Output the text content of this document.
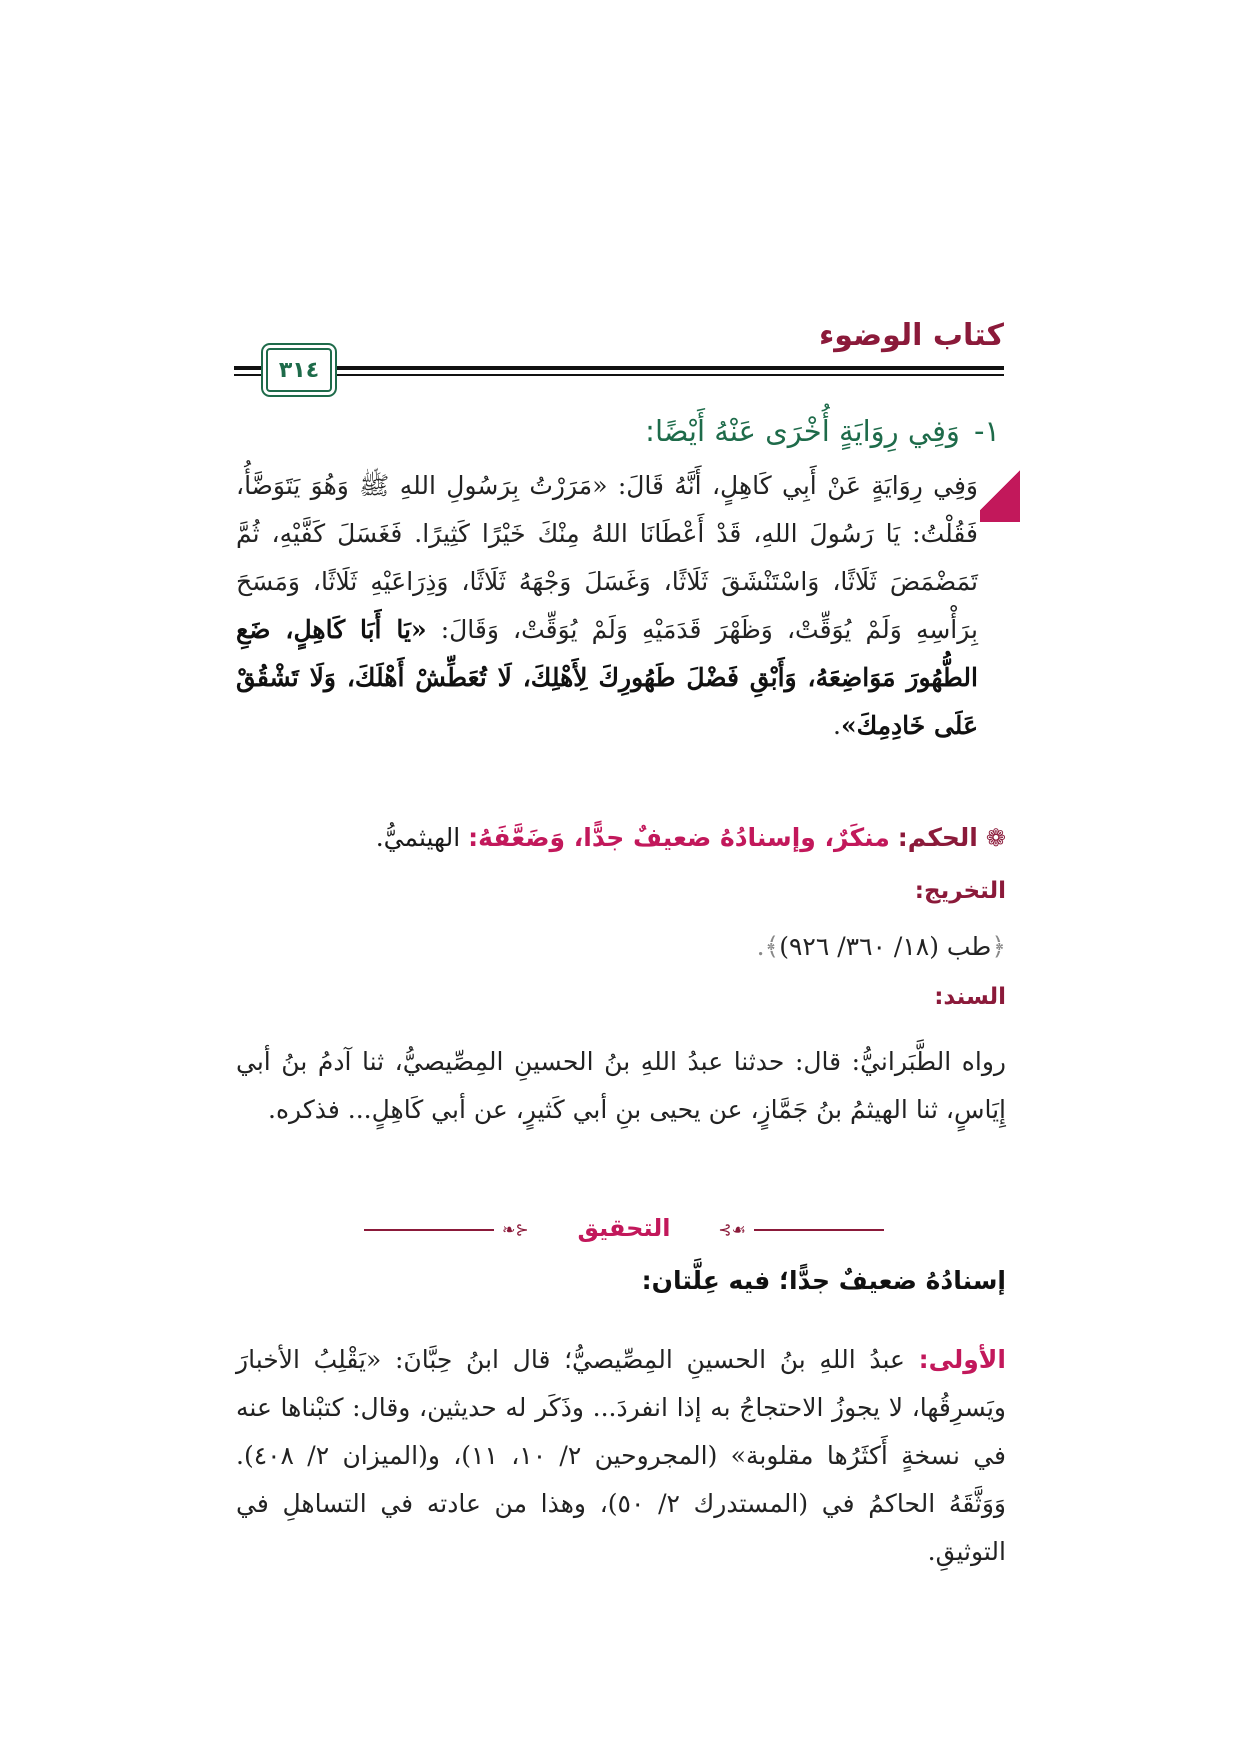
كتاب الوضوء
٣١٤
١-وَفِي رِوَايَةٍ أُخْرَى عَنْهُ أَيْضًا:
وَفِي رِوَايَةٍ عَنْ أَبِي كَاهِلٍ، أَنَّهُ قَالَ: «مَرَرْتُ بِرَسُولِ اللهِ ﷺ وَهُوَ يَتَوَضَّأُ، فَقُلْتُ: يَا رَسُولَ اللهِ، قَدْ أَعْطَانَا اللهُ مِنْكَ خَيْرًا كَثِيرًا. فَغَسَلَ كَفَّيْهِ، ثُمَّ تَمَضْمَضَ ثَلَاثًا، وَاسْتَنْشَقَ ثَلَاثًا، وَغَسَلَ وَجْهَهُ ثَلَاثًا، وَذِرَاعَيْهِ ثَلَاثًا، وَمَسَحَ بِرَأْسِهِ وَلَمْ يُوَقِّتْ، وَظَهْرَ قَدَمَيْهِ وَلَمْ يُوَقِّتْ، وَقَالَ: «يَا أَبَا كَاهِلٍ، ضَعِ الطُّهُورَ مَوَاضِعَهُ، وَأَبْقِ فَضْلَ طَهُورِكَ لِأَهْلِكَ، لَا تُعَطِّشْ أَهْلَكَ، وَلَا تَشْقُقْ عَلَى خَادِمِكَ».
❁الحكم: منكَرٌ، وإسنادُهُ ضعيفٌ جدًّا، وَضَعَّفَهُ: الهيثميُّ.
التخريج:
﴿طب (١٨/ ٣٦٠/ ٩٢٦)﴾.
السند:
رواه الطَّبَرانيُّ: قال: حدثنا عبدُ اللهِ بنُ الحسينِ المِصِّيصيُّ، ثنا آدمُ بنُ أبي إِيَاسٍ، ثنا الهيثمُ بنُ جَمَّازٍ، عن يحيى بنِ أبي كَثيرٍ، عن أبي كَاهِلٍ... فذكره.
⊰❧	التحقيق	☙⊱
إسنادُهُ ضعيفٌ جدًّا؛ فيه عِلَّتان:
الأولى: عبدُ اللهِ بنُ الحسينِ المِصِّيصيُّ؛ قال ابنُ حِبَّانَ: «يَقْلِبُ الأخبارَ ويَسرِقُها، لا يجوزُ الاحتجاجُ به إذا انفردَ... وذَكَر له حديثين، وقال: كتبْناها عنه في نسخةٍ أَكثَرُها مقلوبة» (المجروحين ٢/ ١٠، ١١)، و(الميزان ٢/ ٤٠٨). وَوَثَّقَهُ الحاكمُ في (المستدرك ٢/ ٥٠)، وهذا من عادته في التساهلِ في التوثيقِ.
